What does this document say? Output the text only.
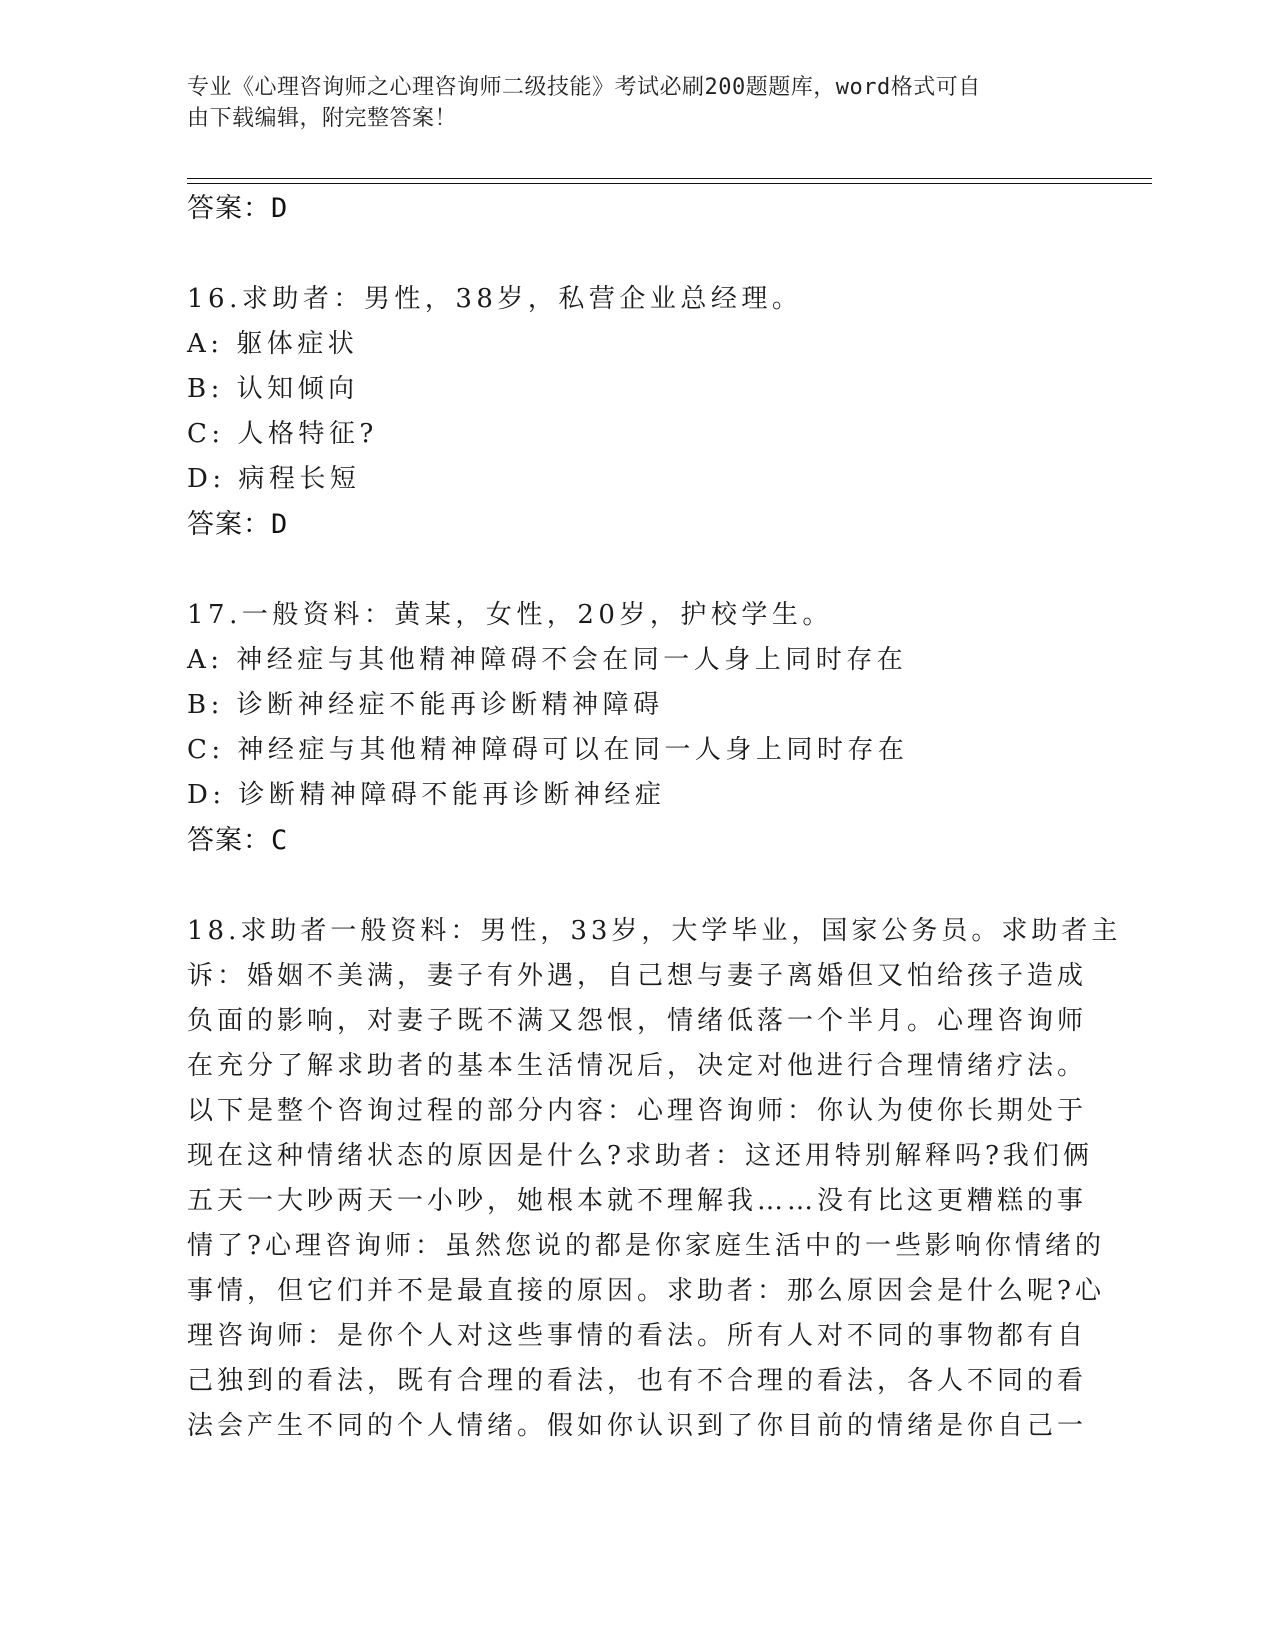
专业《心理咨询师之心理咨询师二级技能》考试必刷200题题库，word格式可自
由下载编辑，附完整答案！
答案：D
16.求助者：男性，38岁，私营企业总经理。
A: 躯体症状
B: 认知倾向
C: 人格特征?
D: 病程长短
答案：D
17.一般资料：黄某，女性，20岁，护校学生。
A: 神经症与其他精神障碍不会在同一人身上同时存在
B: 诊断神经症不能再诊断精神障碍
C: 神经症与其他精神障碍可以在同一人身上同时存在
D: 诊断精神障碍不能再诊断神经症
答案：C
18.求助者一般资料：男性，33岁，大学毕业，国家公务员。求助者主
诉：婚姻不美满，妻子有外遇，自己想与妻子离婚但又怕给孩子造成
负面的影响，对妻子既不满又怨恨，情绪低落一个半月。心理咨询师
在充分了解求助者的基本生活情况后，决定对他进行合理情绪疗法。
以下是整个咨询过程的部分内容：心理咨询师：你认为使你长期处于
现在这种情绪状态的原因是什么?求助者：这还用特别解释吗?我们俩
五天一大吵两天一小吵，她根本就不理解我……没有比这更糟糕的事
情了?心理咨询师：虽然您说的都是你家庭生活中的一些影响你情绪的
事情，但它们并不是最直接的原因。求助者：那么原因会是什么呢?心
理咨询师：是你个人对这些事情的看法。所有人对不同的事物都有自
己独到的看法，既有合理的看法，也有不合理的看法，各人不同的看
法会产生不同的个人情绪。假如你认识到了你目前的情绪是你自己一
